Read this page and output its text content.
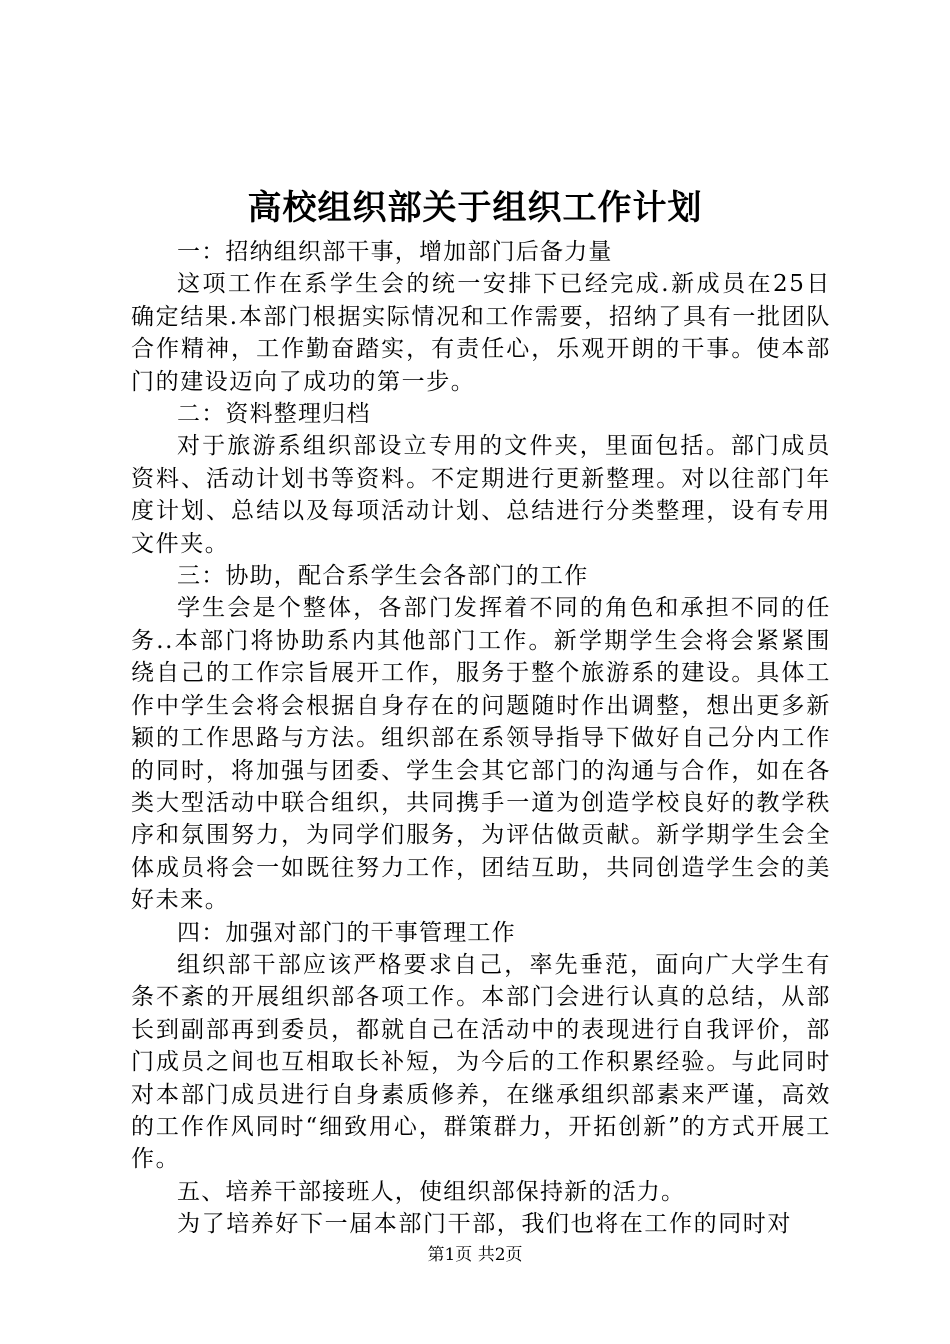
高校组织部关于组织工作计划

一：招纳组织部干事，增加部门后备力量

这项工作在系学生会的统一安排下已经完成.新成员在25日确定结果.本部门根据实际情况和工作需要，招纳了具有一批团队合作精神，工作勤奋踏实，有责任心，乐观开朗的干事。使本部门的建设迈向了成功的第一步。

二：资料整理归档

对于旅游系组织部设立专用的文件夹，里面包括。部门成员资料、活动计划书等资料。不定期进行更新整理。对以往部门年度计划、总结以及每项活动计划、总结进行分类整理，设有专用文件夹。

三：协助，配合系学生会各部门的工作

学生会是个整体，各部门发挥着不同的角色和承担不同的任务..本部门将协助系内其他部门工作。新学期学生会将会紧紧围绕自己的工作宗旨展开工作，服务于整个旅游系的建设。具体工作中学生会将会根据自身存在的问题随时作出调整，想出更多新颖的工作思路与方法。组织部在系领导指导下做好自己分内工作的同时，将加强与团委、学生会其它部门的沟通与合作，如在各类大型活动中联合组织，共同携手一道为创造学校良好的教学秩序和氛围努力，为同学们服务，为评估做贡献。新学期学生会全体成员将会一如既往努力工作，团结互助，共同创造学生会的美好未来。

四：加强对部门的干事管理工作

组织部干部应该严格要求自己，率先垂范，面向广大学生有条不紊的开展组织部各项工作。本部门会进行认真的总结，从部长到副部再到委员，都就自己在活动中的表现进行自我评价，部门成员之间也互相取长补短，为今后的工作积累经验。与此同时对本部门成员进行自身素质修养，在继承组织部素来严谨，高效的工作作风同时“细致用心，群策群力，开拓创新”的方式开展工作。

五、培养干部接班人，使组织部保持新的活力。

为了培养好下一届本部门干部，我们也将在工作的同时对

第1页 共2页
